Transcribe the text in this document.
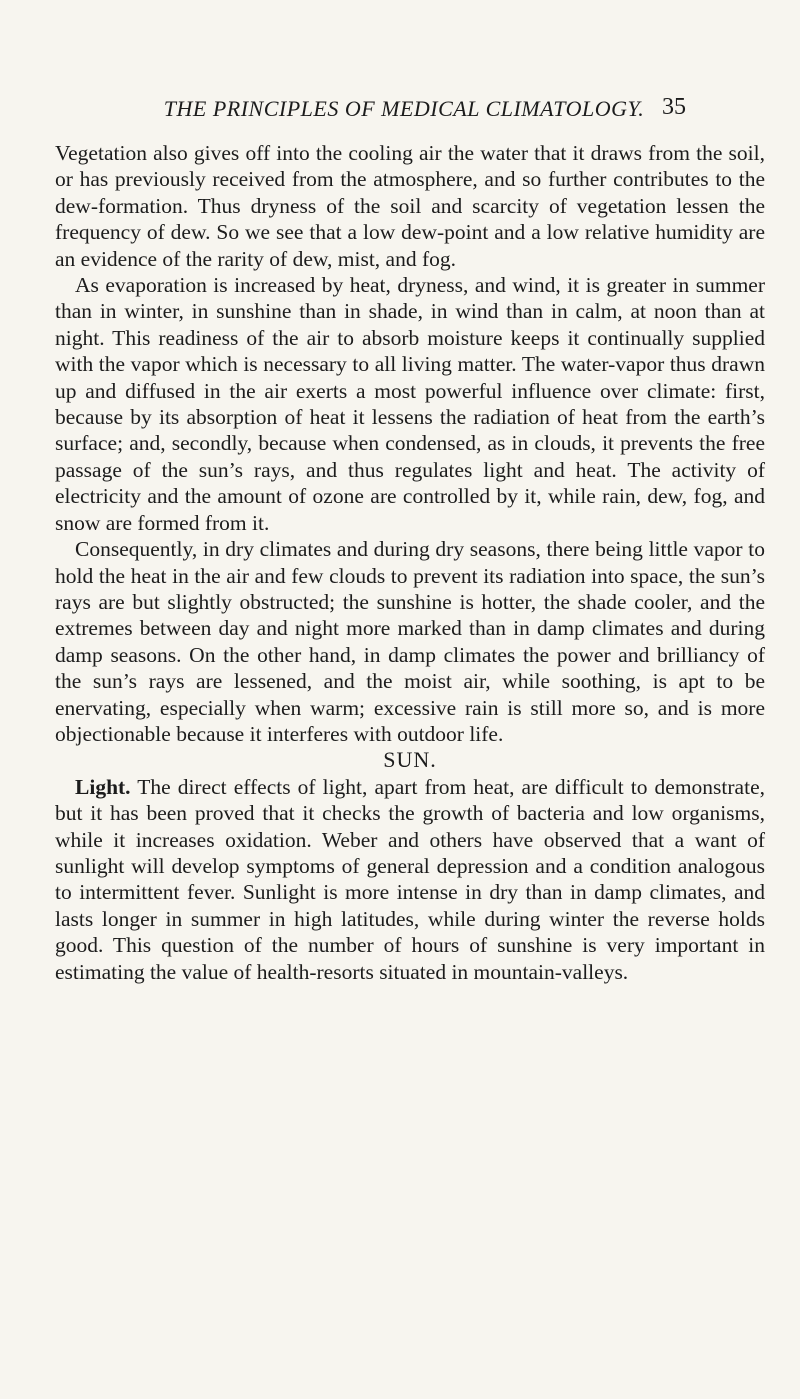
THE PRINCIPLES OF MEDICAL CLIMATOLOGY. 35

Vegetation also gives off into the cooling air the water that it draws from the soil, or has previously received from the atmosphere, and so further contributes to the dew-formation. Thus dryness of the soil and scarcity of vegetation lessen the frequency of dew. So we see that a low dew-point and a low relative humidity are an evidence of the rarity of dew, mist, and fog.

As evaporation is increased by heat, dryness, and wind, it is greater in summer than in winter, in sunshine than in shade, in wind than in calm, at noon than at night. This readiness of the air to absorb moisture keeps it continually supplied with the vapor which is necessary to all living matter. The water-vapor thus drawn up and diffused in the air exerts a most powerful influence over climate: first, because by its absorption of heat it lessens the radiation of heat from the earth’s surface; and, secondly, because when condensed, as in clouds, it prevents the free passage of the sun’s rays, and thus regulates light and heat. The activity of electricity and the amount of ozone are controlled by it, while rain, dew, fog, and snow are formed from it.

Consequently, in dry climates and during dry seasons, there being little vapor to hold the heat in the air and few clouds to prevent its radiation into space, the sun’s rays are but slightly obstructed; the sunshine is hotter, the shade cooler, and the extremes between day and night more marked than in damp climates and during damp seasons. On the other hand, in damp climates the power and brilliancy of the sun’s rays are lessened, and the moist air, while soothing, is apt to be enervating, especially when warm; excessive rain is still more so, and is more objectionable because it interferes with outdoor life.

SUN.

Light. The direct effects of light, apart from heat, are difficult to demonstrate, but it has been proved that it checks the growth of bacteria and low organisms, while it increases oxidation. Weber and others have observed that a want of sunlight will develop symptoms of general depression and a condition analogous to intermittent fever. Sunlight is more intense in dry than in damp climates, and lasts longer in summer in high latitudes, while during winter the reverse holds good. This question of the number of hours of sunshine is very important in estimating the value of health-resorts situated in mountain-valleys.
